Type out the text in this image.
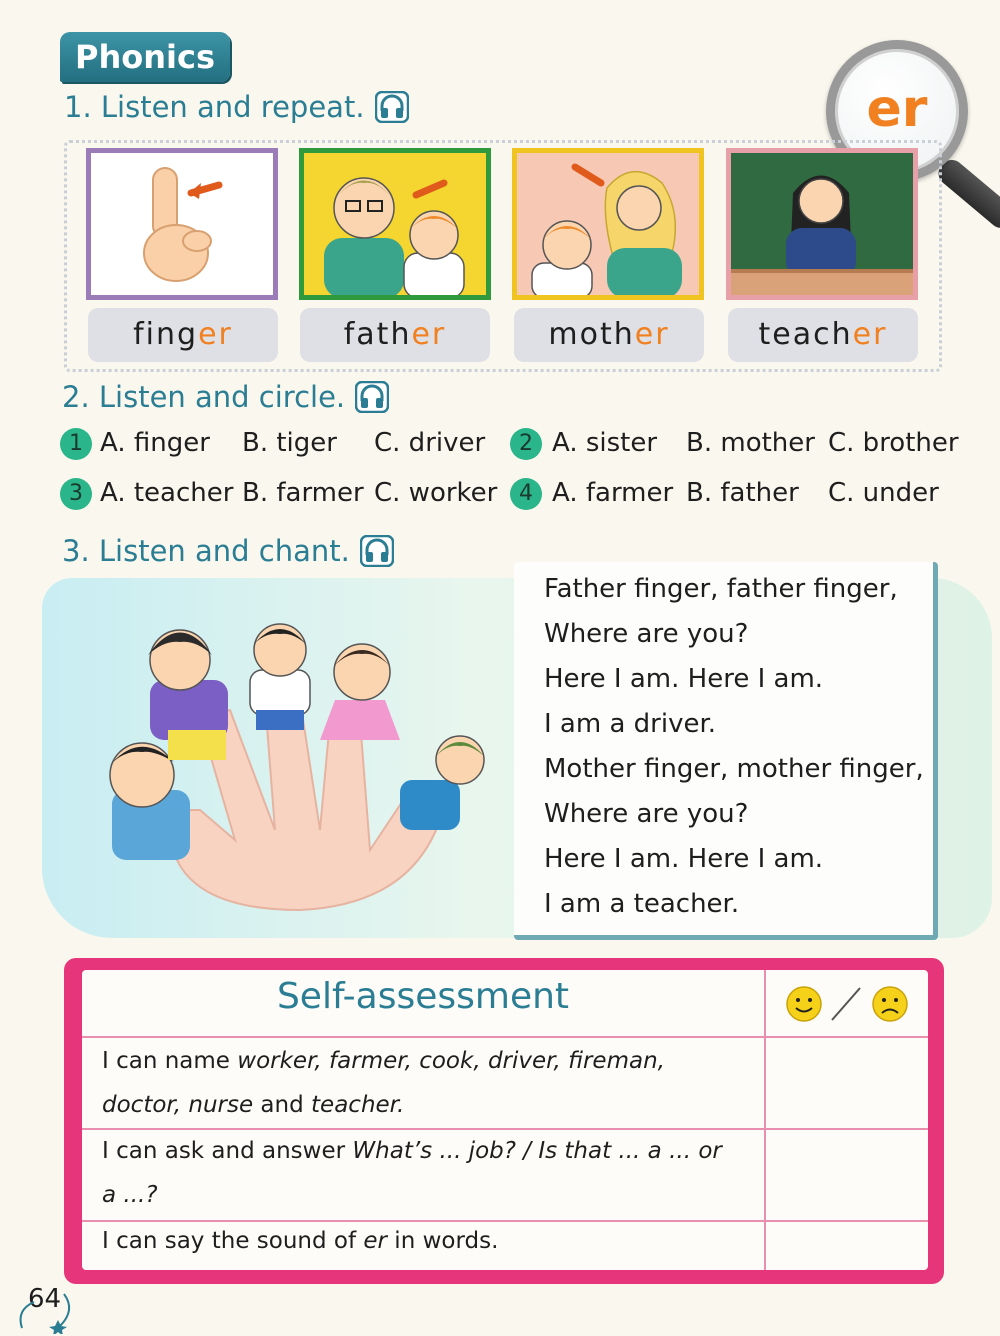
Phonics
1. Listen and repeat.	er
finger	father	mother	teacher
2. Listen and circle.
1 A. finger B. tiger C. driver	2 A. sister B. mother C. brother
3 A. teacher B. farmer C. worker 4 A. farmer B. father C. under
3. Listen and chant.
Father finger, father finger,
Where are you?
Here I am. Here I am.
I am a driver.
Mother finger, mother finger,
Where are you?
Here I am. Here I am.
I am a teacher.
Self-assessment
I can name worker, farmer, cook, driver, fireman,
doctor, nurse and teacher.
I can ask and answer What’s ... job? / Is that ... a ... or
a ...?
I can say the sound of er in words.
64
